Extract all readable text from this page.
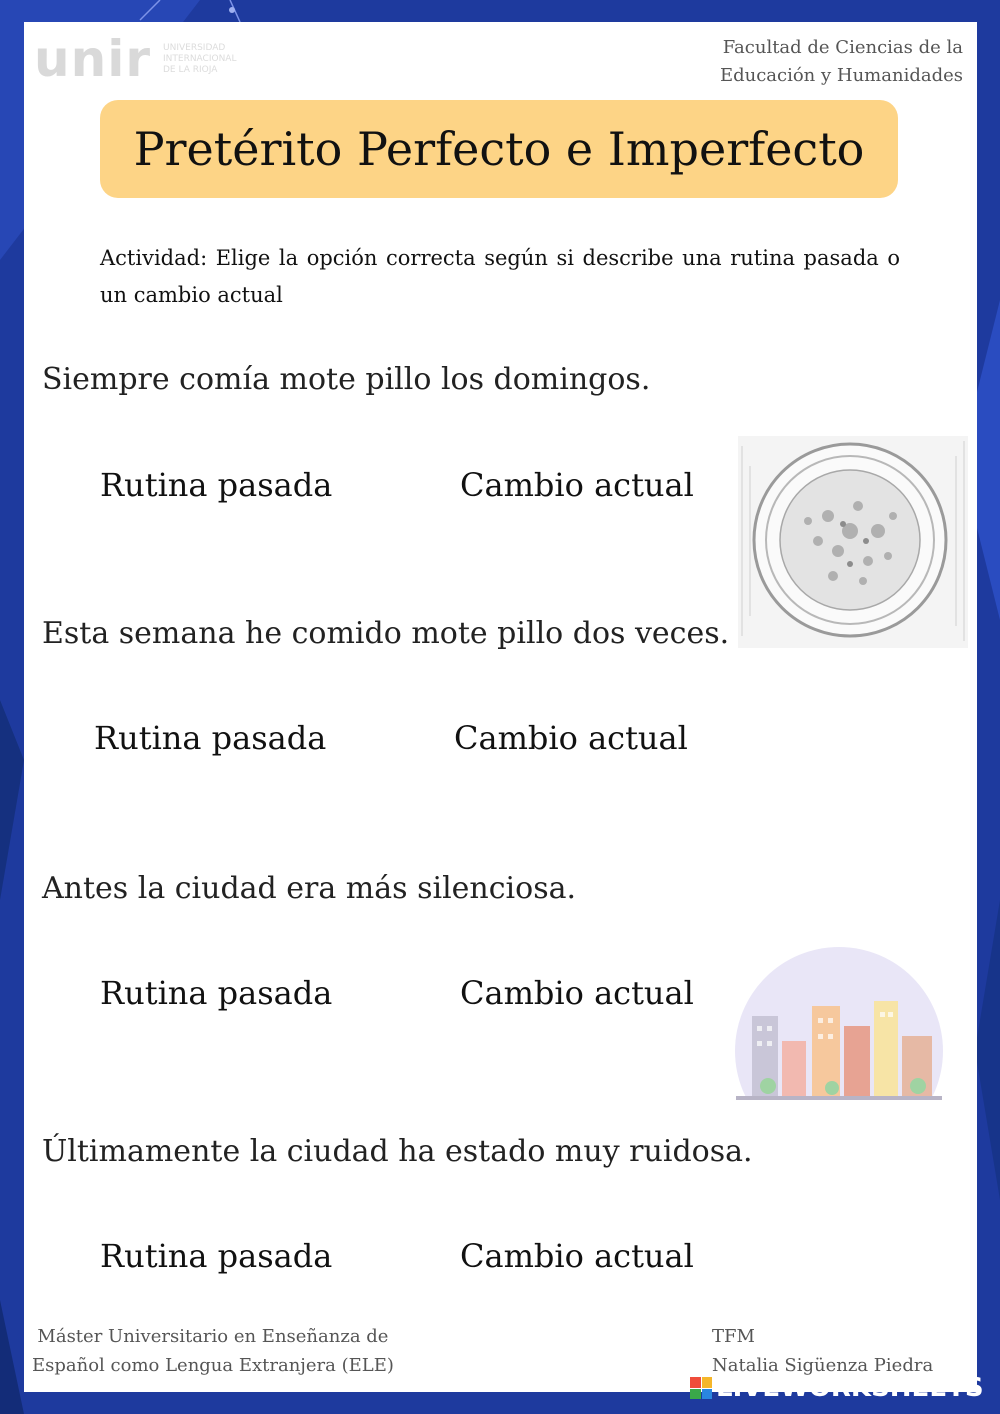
unir UNIVERSIDAD
INTERNACIONAL
DE LA RIOJA
Facultad de Ciencias de la
Educación y Humanidades
Pretérito Perfecto e Imperfecto
Actividad: Elige la opción correcta según si describe una rutina pasada o un cambio actual
Siempre comía mote pillo los domingos.
Rutina pasada	Cambio actual
Esta semana he comido mote pillo dos veces.
Rutina pasada	Cambio actual
Antes la ciudad era más silenciosa.
Rutina pasada	Cambio actual
Últimamente la ciudad ha estado muy ruidosa.
Rutina pasada	Cambio actual
Máster Universitario en Enseñanza de
Español como Lengua Extranjera (ELE)
TFM
Natalia Sigüenza Piedra
LIVEWORKSHEETS
